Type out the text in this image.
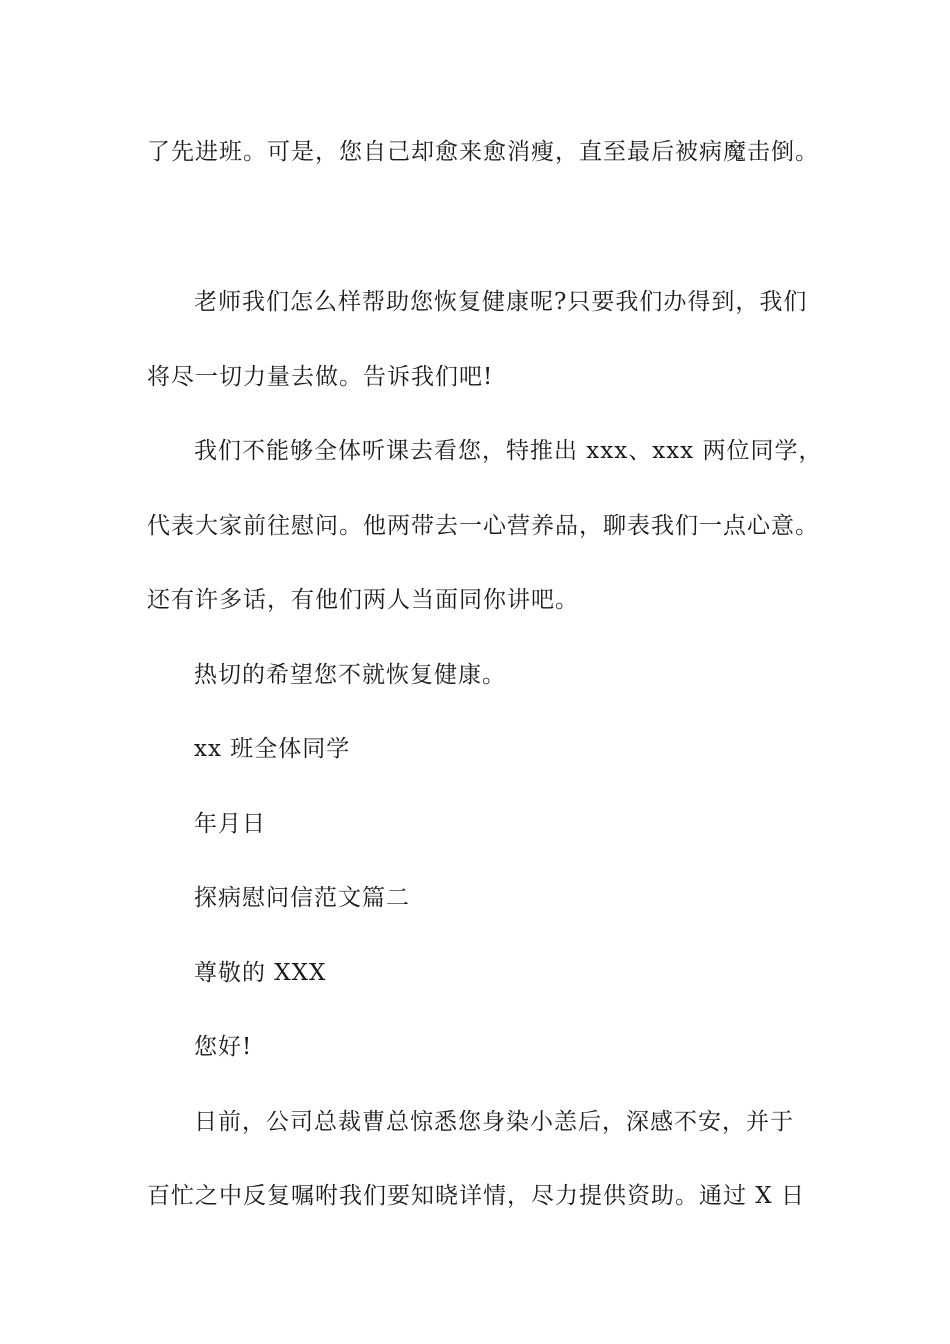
了先进班。可是，您自己却愈来愈消瘦，直至最后被病魔击倒。
老师我们怎么样帮助您恢复健康呢?只要我们办得到，我们
将尽一切力量去做。告诉我们吧!
我们不能够全体听课去看您，特推出 xxx、xxx 两位同学，
代表大家前往慰问。他两带去一心营养品，聊表我们一点心意。
还有许多话，有他们两人当面同你讲吧。
热切的希望您不就恢复健康。
xx 班全体同学
年月日
探病慰问信范文篇二
尊敬的 XXX
您好!
日前，公司总裁曹总惊悉您身染小恙后，深感不安，并于
百忙之中反复嘱咐我们要知晓详情，尽力提供资助。通过 X 日
